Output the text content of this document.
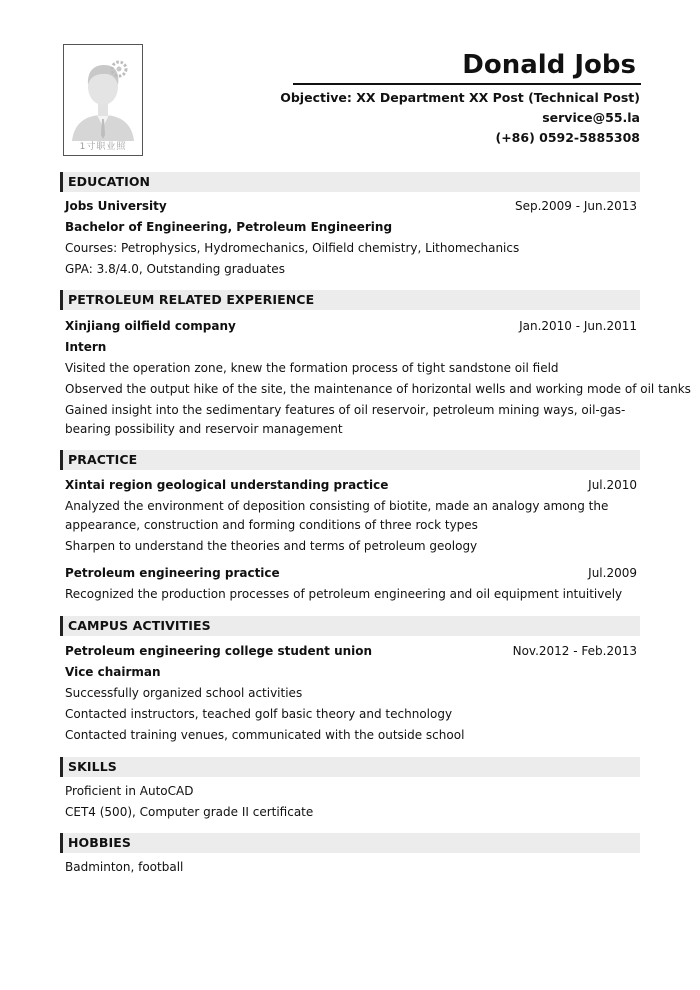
1寸职业照
Donald Jobs
Objective: XX Department XX Post (Technical Post)
service@55.la
(+86) 0592-5885308
EDUCATION
Jobs University	Sep.2009 - Jun.2013
Bachelor of Engineering, Petroleum Engineering
Courses: Petrophysics, Hydromechanics, Oilfield chemistry, Lithomechanics
GPA: 3.8/4.0, Outstanding graduates
PETROLEUM RELATED EXPERIENCE
Xinjiang oilfield company	Jan.2010 - Jun.2011
Intern
Visited the operation zone, knew the formation process of tight sandstone oil field
Observed the output hike of the site, the maintenance of horizontal wells and working mode of oil tanks
Gained insight into the sedimentary features of oil reservoir, petroleum mining ways, oil-gas-bearing possibility and reservoir management
PRACTICE
Xintai region geological understanding practice	Jul.2010
Analyzed the environment of deposition consisting of biotite, made an analogy among the appearance, construction and forming conditions of three rock types
Sharpen to understand the theories and terms of petroleum geology
Petroleum engineering practice	Jul.2009
Recognized the production processes of petroleum engineering and oil equipment intuitively
CAMPUS ACTIVITIES
Petroleum engineering college student union	Nov.2012 - Feb.2013
Vice chairman
Successfully organized school activities
Contacted instructors, teached golf basic theory and technology
Contacted training venues, communicated with the outside school
SKILLS
Proficient in AutoCAD
CET4 (500), Computer grade II certificate
HOBBIES
Badminton, football
